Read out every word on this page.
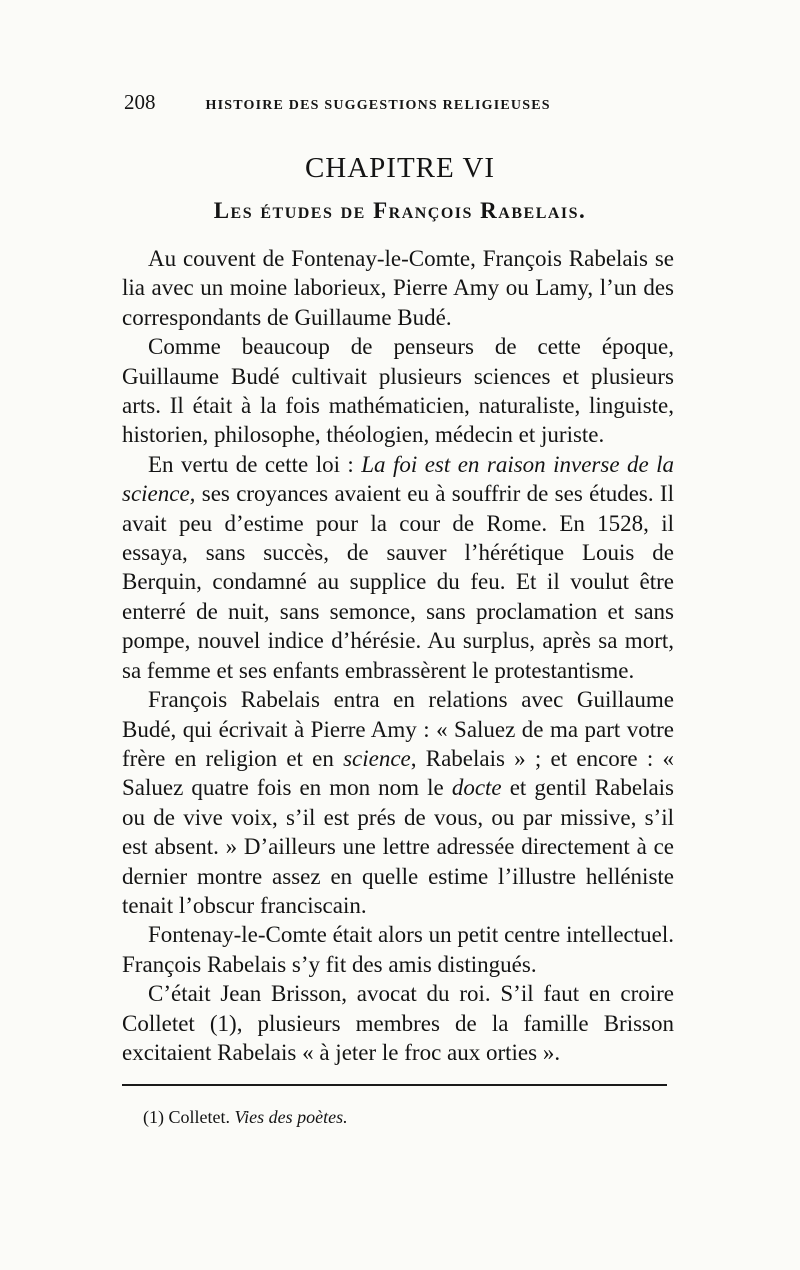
208	HISTOIRE DES SUGGESTIONS RELIGIEUSES
CHAPITRE VI
Les études de François Rabelais.

Au couvent de Fontenay-le-Comte, François Rabelais se lia avec un moine laborieux, Pierre Amy ou Lamy, l’un des correspondants de Guillaume Budé.

Comme beaucoup de penseurs de cette époque, Guillaume Budé cultivait plusieurs sciences et plusieurs arts. Il était à la fois mathématicien, naturaliste, linguiste, historien, philosophe, théologien, médecin et juriste.

En vertu de cette loi : La foi est en raison inverse de la science, ses croyances avaient eu à souffrir de ses études. Il avait peu d’estime pour la cour de Rome. En 1528, il essaya, sans succès, de sauver l’hérétique Louis de Berquin, condamné au supplice du feu. Et il voulut être enterré de nuit, sans semonce, sans proclamation et sans pompe, nouvel indice d’hérésie. Au surplus, après sa mort, sa femme et ses enfants embrassèrent le protestantisme.

François Rabelais entra en relations avec Guillaume Budé, qui écrivait à Pierre Amy : « Saluez de ma part votre frère en religion et en science, Rabelais » ; et encore : « Saluez quatre fois en mon nom le docte et gentil Rabelais ou de vive voix, s’il est prés de vous, ou par missive, s’il est absent. » D’ailleurs une lettre adressée directement à ce dernier montre assez en quelle estime l’illustre helléniste tenait l’obscur franciscain.

Fontenay-le-Comte était alors un petit centre intellectuel. François Rabelais s’y fit des amis distingués.

C’était Jean Brisson, avocat du roi. S’il faut en croire Colletet (1), plusieurs membres de la famille Brisson excitaient Rabelais « à jeter le froc aux orties ».

(1) Colletet. Vies des poètes.
